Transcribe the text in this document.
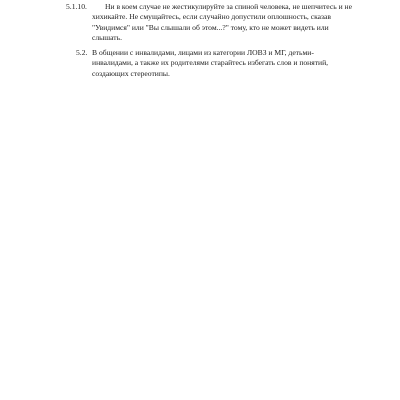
5.1.10.	Ни в коем случае не жестикулируйте за спиной человека, не шепчитесь и не
хихикайте. Не смущайтесь, если случайно допустили оплошность, сказав
"Увидимся" или "Вы слышали об этом...?" тому, кто не может видеть или
слышать.
5.2. В общении с инвалидами, лицами из категории ЛОВЗ и МГ, детьми-
инвалидами, а также их родителями старайтесь избегать слов и понятий,
создающих стереотипы.
